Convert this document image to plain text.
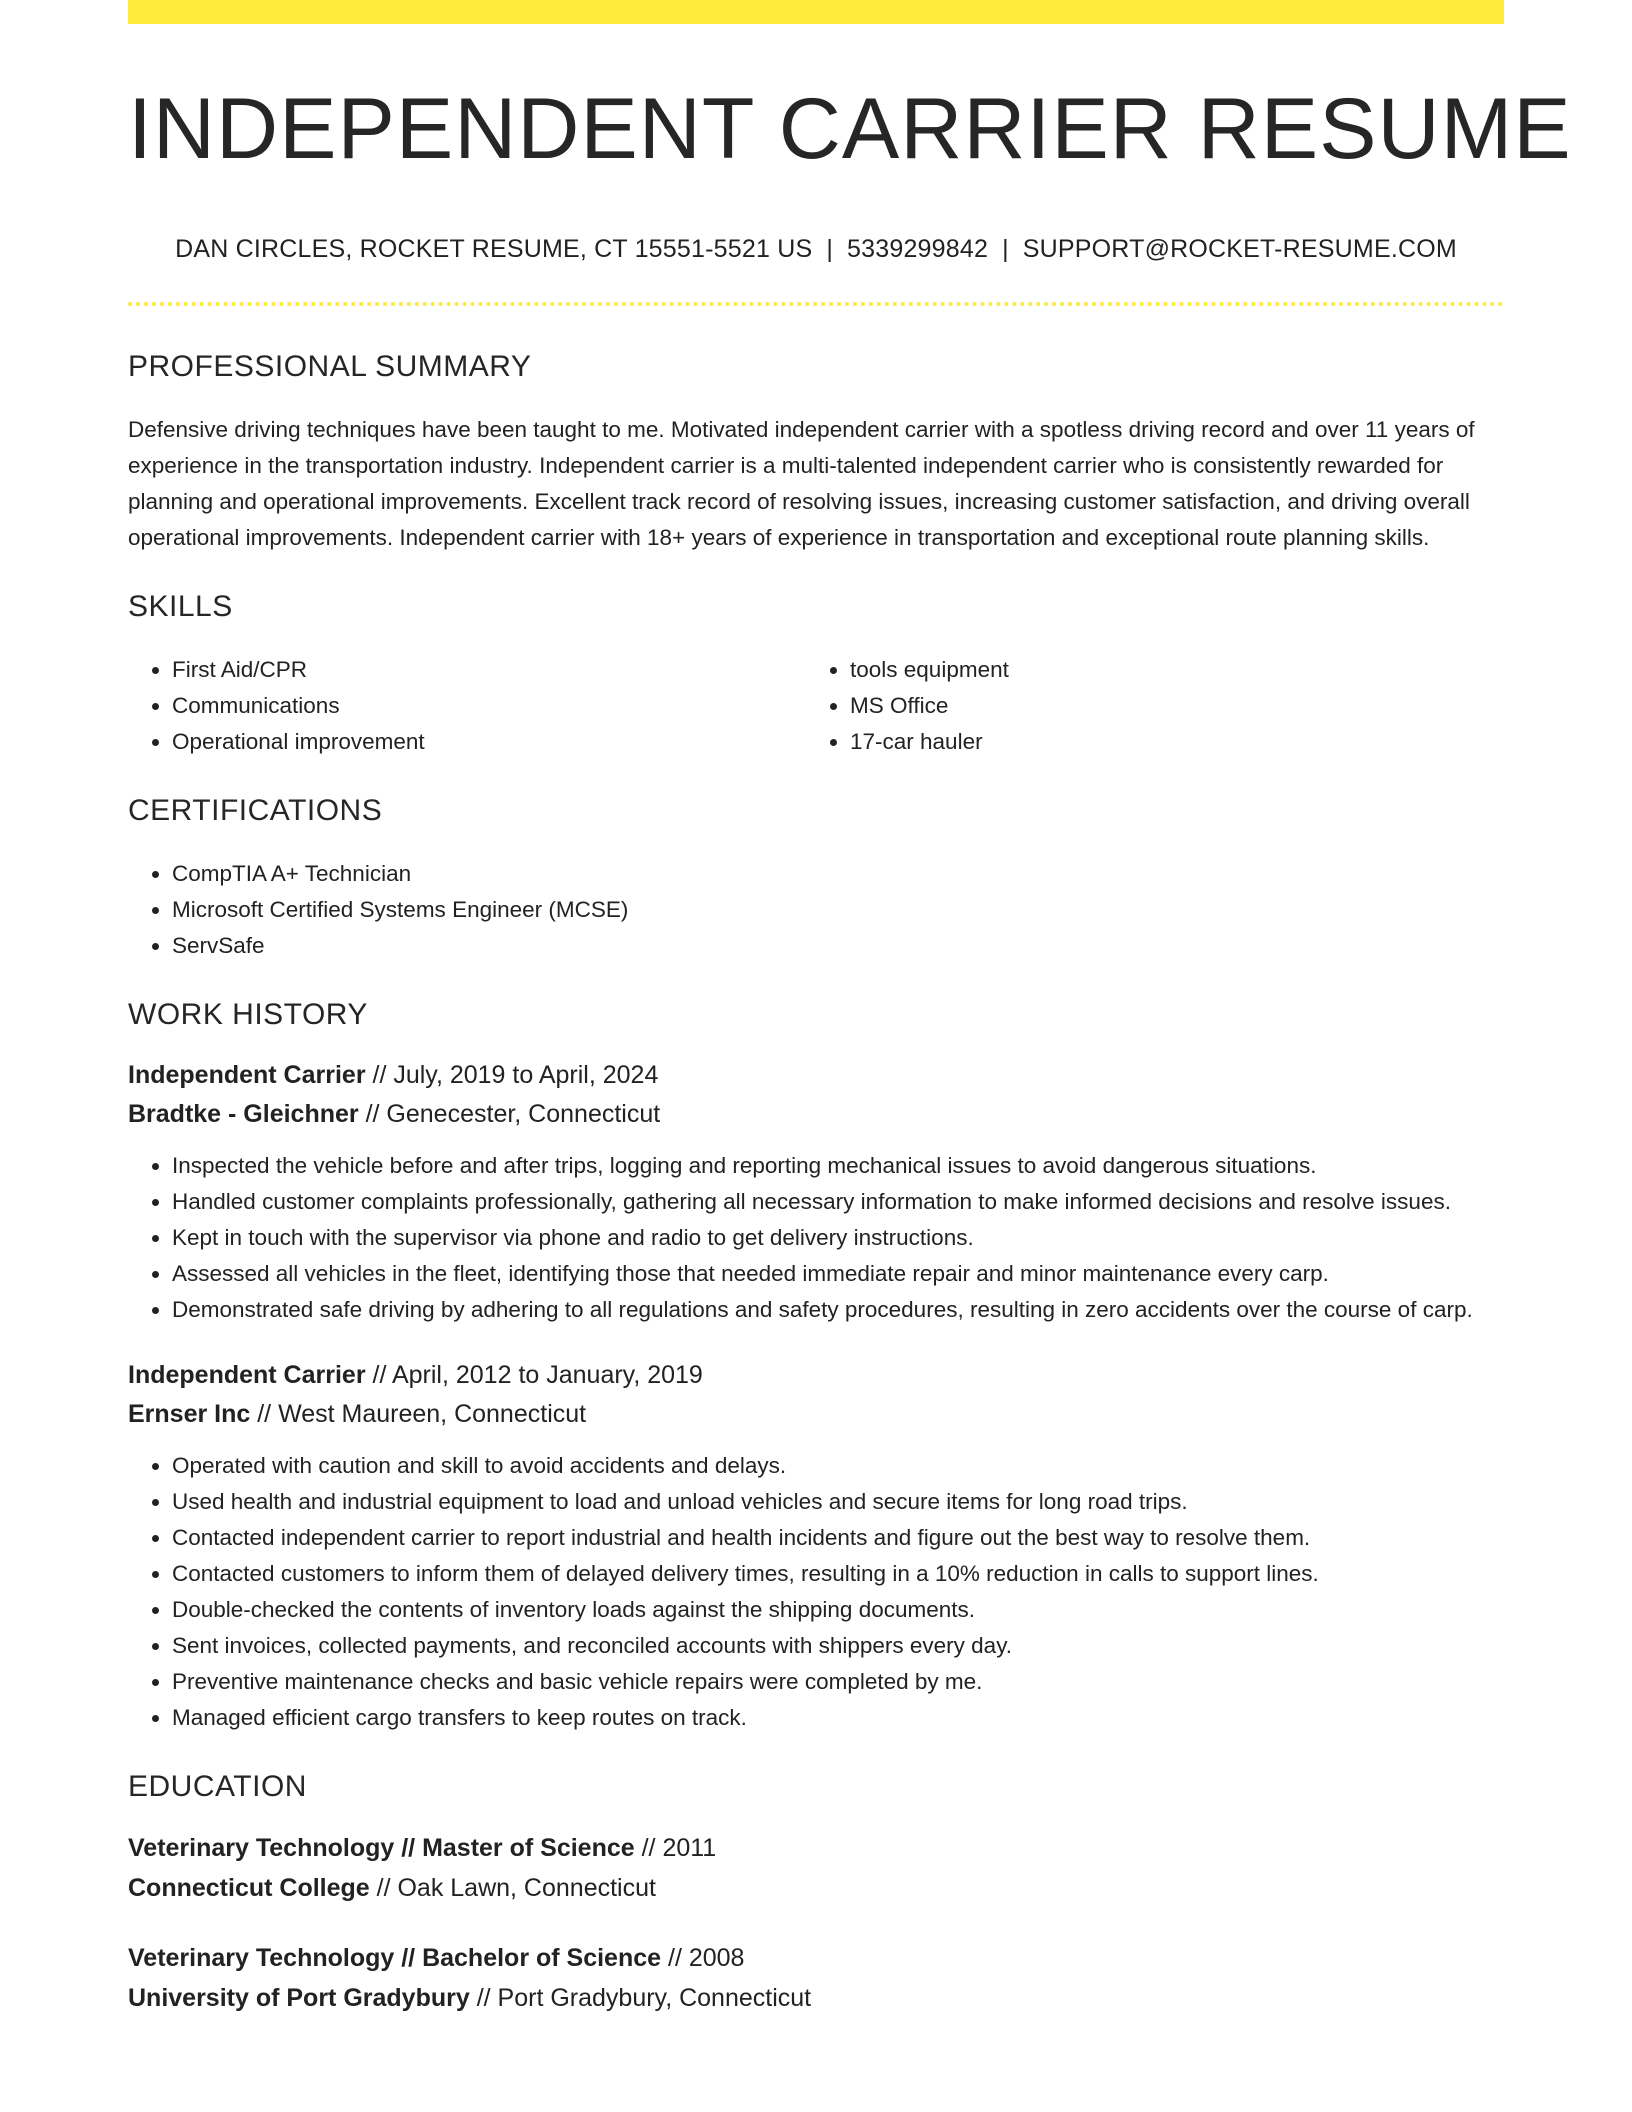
INDEPENDENT CARRIER RESUME
DAN CIRCLES, ROCKET RESUME, CT 15551-5521 US | 5339299842 | SUPPORT@ROCKET-RESUME.COM
PROFESSIONAL SUMMARY

Defensive driving techniques have been taught to me. Motivated independent carrier with a spotless driving record and over 11 years of experience in the transportation industry. Independent carrier is a multi-talented independent carrier who is consistently rewarded for planning and operational improvements. Excellent track record of resolving issues, increasing customer satisfaction, and driving overall operational improvements. Independent carrier with 18+ years of experience in transportation and exceptional route planning skills.

SKILLS
• First Aid/CPR
• Communications
• Operational improvement
• tools equipment
• MS Office
• 17-car hauler
CERTIFICATIONS
• CompTIA A+ Technician
• Microsoft Certified Systems Engineer (MCSE)
• ServSafe
WORK HISTORY
Independent Carrier // July, 2019 to April, 2024
Bradtke - Gleichner // Genecester, Connecticut
• Inspected the vehicle before and after trips, logging and reporting mechanical issues to avoid dangerous situations.
• Handled customer complaints professionally, gathering all necessary information to make informed decisions and resolve issues.
• Kept in touch with the supervisor via phone and radio to get delivery instructions.
• Assessed all vehicles in the fleet, identifying those that needed immediate repair and minor maintenance every carp.
• Demonstrated safe driving by adhering to all regulations and safety procedures, resulting in zero accidents over the course of carp.
Independent Carrier // April, 2012 to January, 2019
Ernser Inc // West Maureen, Connecticut
• Operated with caution and skill to avoid accidents and delays.
• Used health and industrial equipment to load and unload vehicles and secure items for long road trips.
• Contacted independent carrier to report industrial and health incidents and figure out the best way to resolve them.
• Contacted customers to inform them of delayed delivery times, resulting in a 10% reduction in calls to support lines.
• Double-checked the contents of inventory loads against the shipping documents.
• Sent invoices, collected payments, and reconciled accounts with shippers every day.
• Preventive maintenance checks and basic vehicle repairs were completed by me.
• Managed efficient cargo transfers to keep routes on track.
EDUCATION
Veterinary Technology // Master of Science // 2011
Connecticut College // Oak Lawn, Connecticut
Veterinary Technology // Bachelor of Science // 2008
University of Port Gradybury // Port Gradybury, Connecticut
